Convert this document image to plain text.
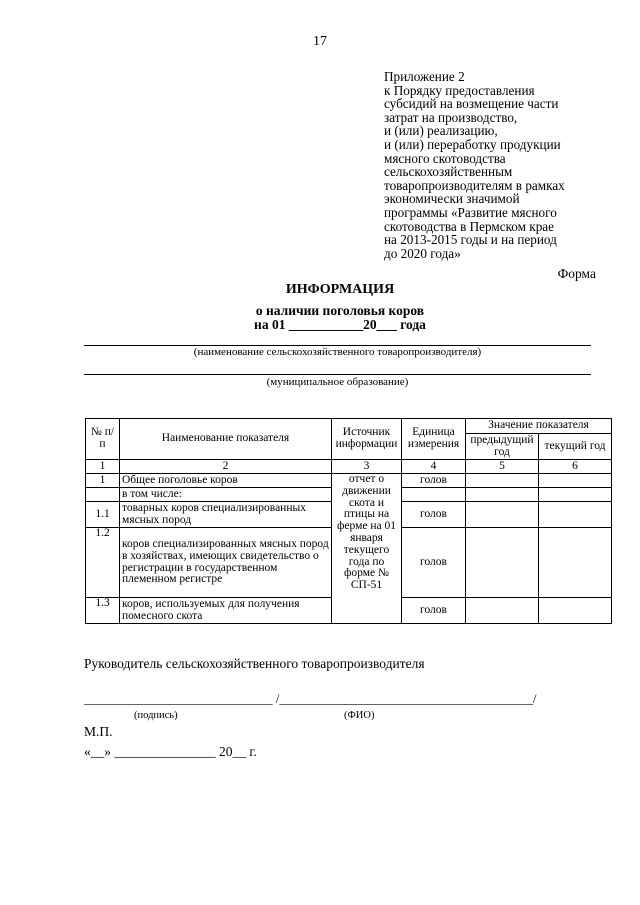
17
Приложение 2
к Порядку предоставления
субсидий на возмещение части
затрат на производство,
и (или) реализацию,
и (или) переработку продукции
мясного скотоводства
сельскохозяйственным
товаропроизводителям в рамках
экономически значимой
программы «Развитие мясного
скотоводства в Пермском крае
на 2013-2015 годы и на период
до 2020 года»
Форма
ИНФОРМАЦИЯ
о наличии поголовья коров
на 01 ___________20___ года
(наименование сельскохозяйственного товаропроизводителя)
(муниципальное образование)
№ п/п	Наименование показателя	Источник информации	Единица измерения	Значение показателя	
				предыдущий год	текущий год
1	2	3	4	5	6
1	Общее поголовье коров	отчет о движении скота и птицы на ферме на 01 января текущего года по форме № СП-51	голов		
	в том числе:				
1.1	товарных коров специализированных мясных пород		голов		
1.2	коров специализированных мясных пород в хозяйствах, имеющих свидетельство о регистрации в государственном племенном регистре		голов		
1.3	коров, используемых для получения помесного скота		голов		
Руководитель сельскохозяйственного товаропроизводителя
_____________________________ /_______________________________________/
(подпись)	(ФИО)
М.П.
«__» _______________ 20__ г.
